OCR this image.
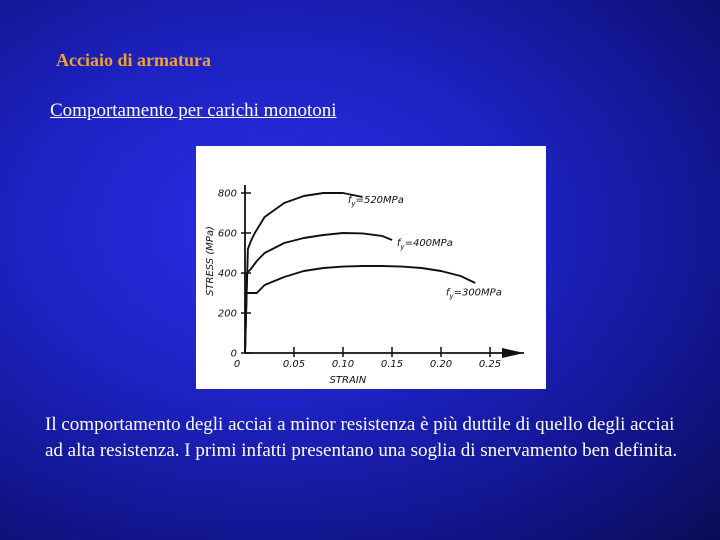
Acciaio di armatura
Comportamento per carichi monotoni
0
200
400
600
800
0	0.05	0.10	0.15	0.20	0.25
STRAIN
STRESS (MPa)
$f_y=520MPa$
$f_y=400MPa$
$f_y=300MPa$
Il comportamento degli acciai a minor resistenza è più duttile di quello degli acciai ad alta resistenza. I primi infatti presentano una soglia di snervamento ben definita.
